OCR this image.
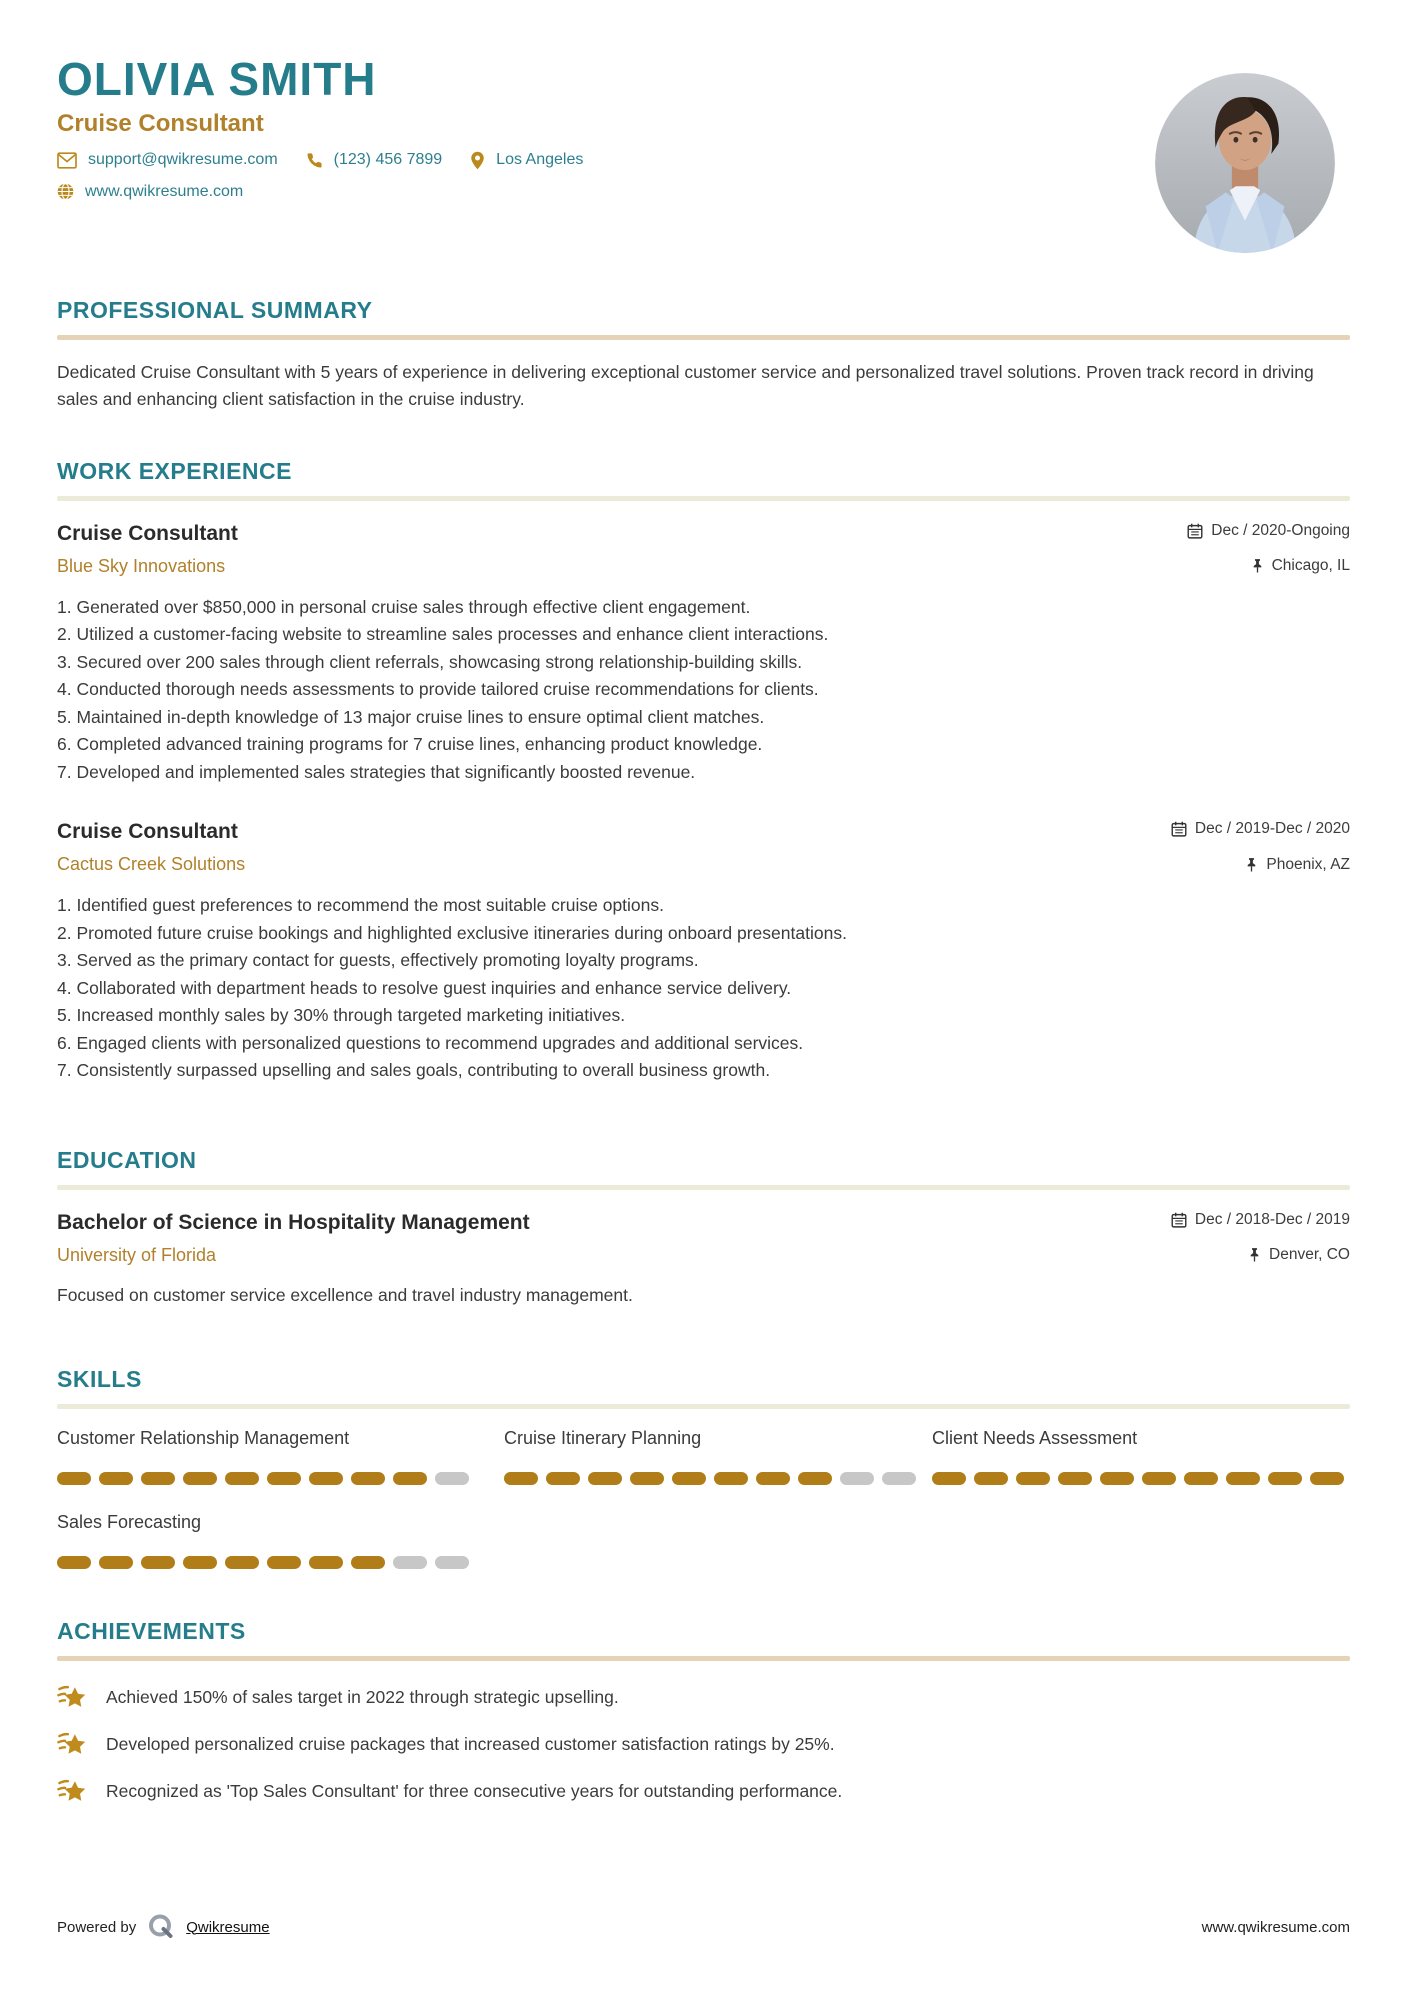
OLIVIA SMITH
Cruise Consultant
support@qwikresume.com	(123) 456 7899	Los Angeles
www.qwikresume.com
PROFESSIONAL SUMMARY

Dedicated Cruise Consultant with 5 years of experience in delivering exceptional customer service and personalized travel solutions. Proven track record in driving sales and enhancing client satisfaction in the cruise industry.

WORK EXPERIENCE
Cruise Consultant	Dec / 2020-Ongoing
Blue Sky Innovations	Chicago, IL
Generated over $850,000 in personal cruise sales through effective client engagement.
Utilized a customer-facing website to streamline sales processes and enhance client interactions.
Secured over 200 sales through client referrals, showcasing strong relationship-building skills.
Conducted thorough needs assessments to provide tailored cruise recommendations for clients.
Maintained in-depth knowledge of 13 major cruise lines to ensure optimal client matches.
Completed advanced training programs for 7 cruise lines, enhancing product knowledge.
Developed and implemented sales strategies that significantly boosted revenue.
Cruise Consultant	Dec / 2019-Dec / 2020
Cactus Creek Solutions	Phoenix, AZ
Identified guest preferences to recommend the most suitable cruise options.
Promoted future cruise bookings and highlighted exclusive itineraries during onboard presentations.
Served as the primary contact for guests, effectively promoting loyalty programs.
Collaborated with department heads to resolve guest inquiries and enhance service delivery.
Increased monthly sales by 30% through targeted marketing initiatives.
Engaged clients with personalized questions to recommend upgrades and additional services.
Consistently surpassed upselling and sales goals, contributing to overall business growth.
EDUCATION
Bachelor of Science in Hospitality Management	Dec / 2018-Dec / 2019
University of Florida	Denver, CO

Focused on customer service excellence and travel industry management.

SKILLS
Customer Relationship Management	Cruise Itinerary Planning	Client Needs Assessment
Sales Forecasting
ACHIEVEMENTS
Achieved 150% of sales target in 2022 through strategic upselling.
Developed personalized cruise packages that increased customer satisfaction ratings by 25%.
Recognized as 'Top Sales Consultant' for three consecutive years for outstanding performance.
Powered by	Qwikresume	www.qwikresume.com
